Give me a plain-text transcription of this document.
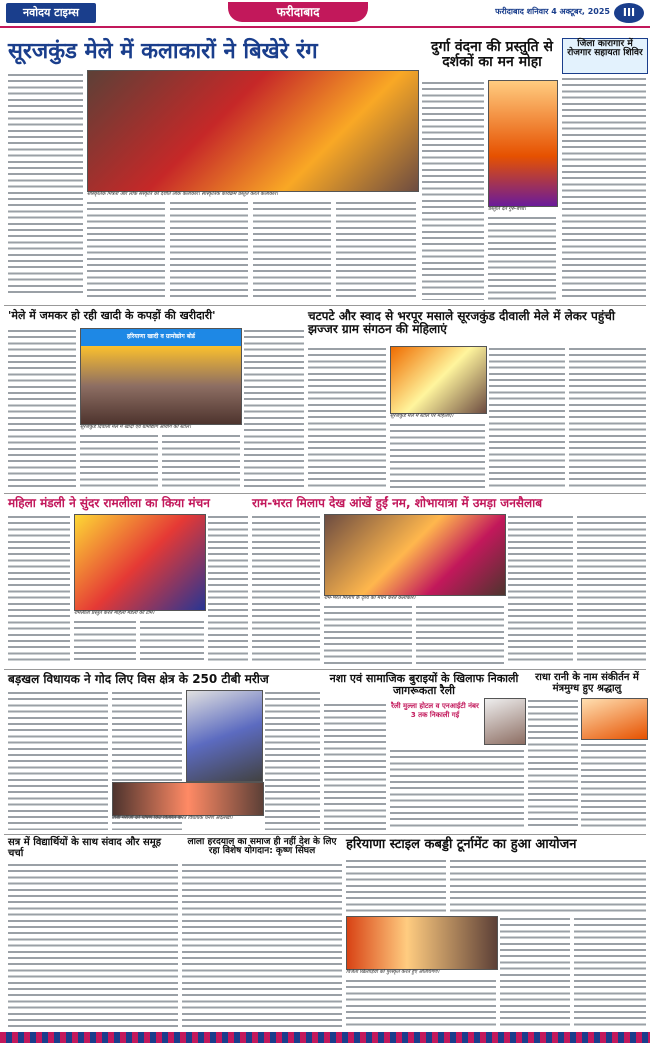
नवोदय टाइम्स	फरीदाबाद	फरीदाबाद शनिवार 4 अक्टूबर, 2025	III
सूरजकुंड मेले में कलाकारों ने बिखेरे रंग
सांस्कृतिक मित्रता और लोक संस्कृति को दर्शाते लोक कलाकार। सांस्कृतिक कार्यक्रम प्रस्तुत करते कलाकार।
दुर्गा वंदना की प्रस्तुति से दर्शकों का मन मोहा
प्रस्तुति देते गुरु-बच्चे।
जिला कारागार में रोजगार सहायता शिविर
'मेले में जमकर हो रही खादी के कपड़ों की खरीदारी'
हरियाणा खादी व ग्रामोद्योग बोर्ड
सूरजकुंड दिवाली मेले में खादी एवं ग्रामोद्योग आयोग की स्टॉल।
चटपटे और स्वाद से भरपूर मसाले सूरजकुंड दीवाली मेले में लेकर पहुंची झज्जर ग्राम संगठन की महिलाएं
सूरजकुंड मेले में स्टॉल पर महिलाएं।
महिला मंडली ने सुंदर रामलीला का किया मंचन
रामलीला प्रस्तुत करते महिला मंडली की टीम।
राम-भरत मिलाप देख आंखें हुईं नम, शोभायात्रा में उमड़ा जनसैलाब
राम-भरत मिलाप के दृश्य का मंचन करते कलाकार।
बड़खल विधायक ने गोद लिए विस क्षेत्र के 250 टीबी मरीज
टीबी मरीजों को पोषण किट वितरित करते विधायक धनेश अदलखा।
नशा एवं सामाजिक बुराइयों के खिलाफ निकाली जागरूकता रैली
रैली मुल्ला होटल व एनआईटी नंबर 3 तक निकाली गई
राधा रानी के नाम संकीर्तन में मंत्रमुग्ध हुए श्रद्धालु
सत्र में विद्यार्थियों के साथ संवाद और समूह चर्चा
लाला हरदयाल का समाज ही नहीं देश के लिए रहा विशेष योगदान: कृष्ण सिंघल	हरियाणा स्टाइल कबड्डी टूर्नामेंट का हुआ आयोजन
विजेता खिलाड़ियों को पुरस्कृत करते हुए अतिथिगण।
